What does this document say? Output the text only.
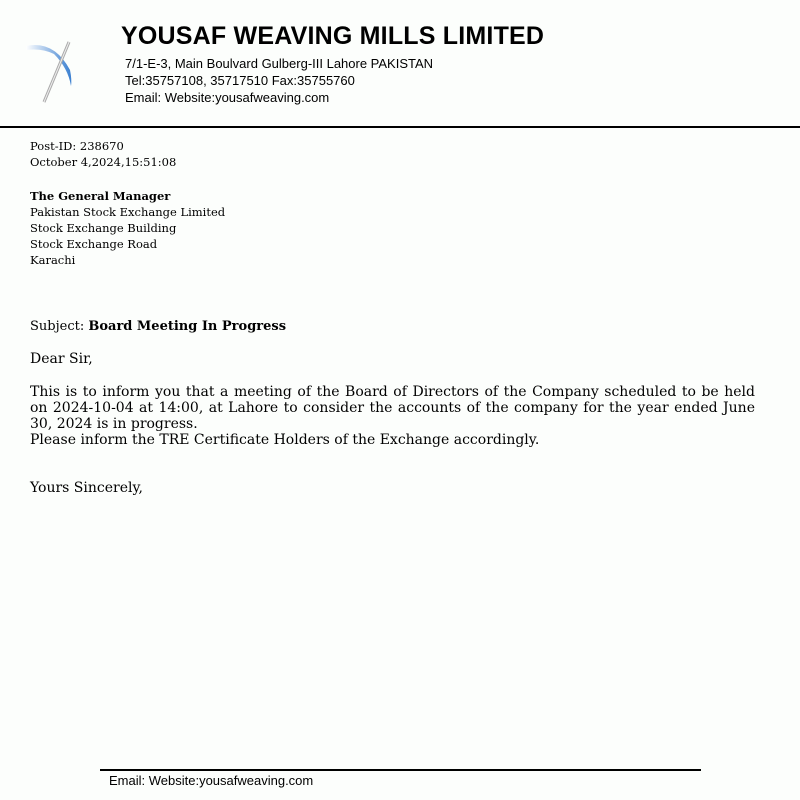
YOUSAF WEAVING MILLS LIMITED
7/1-E-3, Main Boulvard Gulberg-III Lahore PAKISTAN
Tel:35757108, 35717510 Fax:35755760
Email: Website:yousafweaving.com
Post-ID: 238670
October 4,2024,15:51:08
The General Manager
Pakistan Stock Exchange Limited
Stock Exchange Building
Stock Exchange Road
Karachi
Subject: Board Meeting In Progress
Dear Sir,
This is to inform you that a meeting of the Board of Directors of the Company scheduled to be held on 2024-10-04 at 14:00, at Lahore to consider the accounts of the company for the year ended June 30, 2024 is in progress.
Please inform the TRE Certificate Holders of the Exchange accordingly.
Yours Sincerely,
Email: Website:yousafweaving.com
